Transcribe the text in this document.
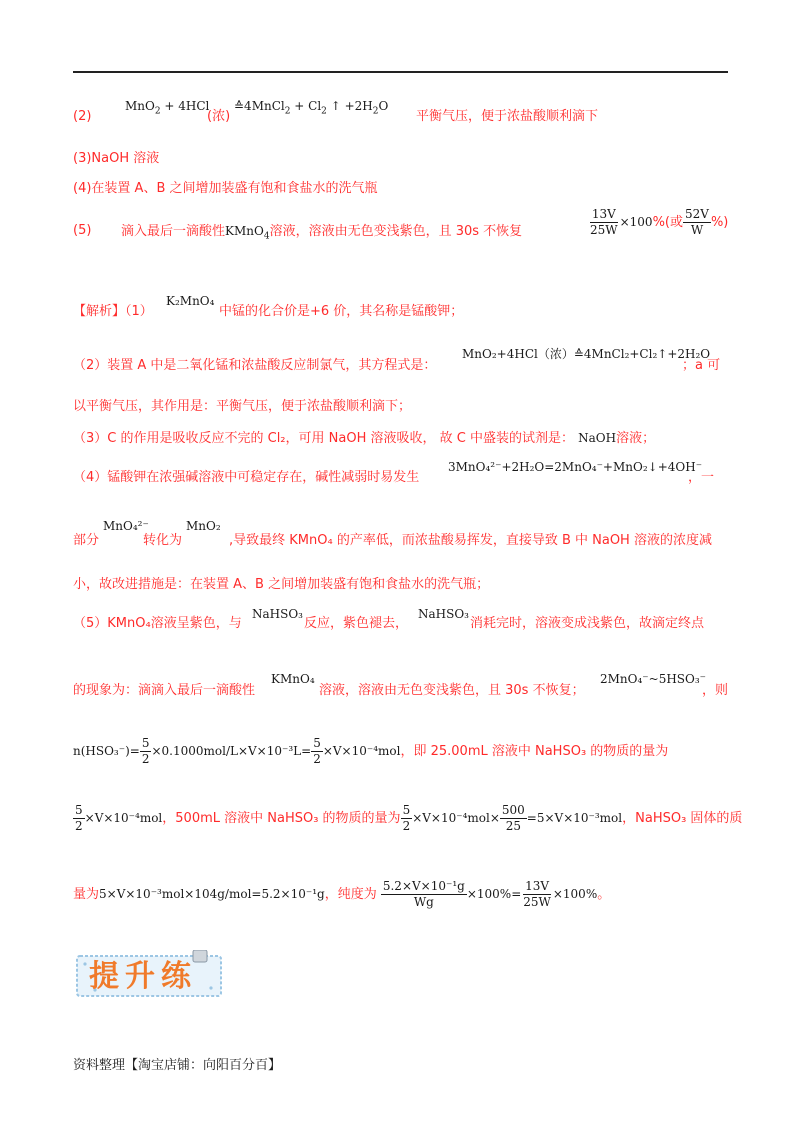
(2)
MnO$_2$ + 4HCl
(浓)
≙4MnCl$_2$ + $Cl_2$ ↑ $+2H_2O$
平衡气压，便于浓盐酸顺利滴下
(3)NaOH 溶液
(4)在装置 A、B 之间增加装盛有饱和食盐水的洗气瓶
(5) 滴入最后一滴酸性KMnO$_4$溶液，溶液由无色变浅紫色，且 30s 不恢复	$\frac{13V}{25W} \times 100\%$(或 $\frac{52V}{W}$ %)
【解析】（1）
K₂MnO₄
中锰的化合价是+6 价，其名称是锰酸钾；
（2）装置 A 中是二氧化锰和浓盐酸反应制氯气，其方程式是：
MnO₂+4HCl（浓）≙4MnCl₂+Cl₂↑+2H₂O
；a 可
以平衡气压，其作用是：平衡气压，便于浓盐酸顺利滴下；
（3）C 的作用是吸收反应不完的 Cl₂，可用 NaOH 溶液吸收， 故 C 中盛装的试剂是： NaOH溶液；
（4）锰酸钾在浓强碱溶液中可稳定存在，碱性减弱时易发生
3MnO₄²⁻+2H₂O=2MnO₄⁻+MnO₂↓+4OH⁻
，一
部分
MnO₄²⁻
转化为
MnO₂
,导致最终 KMnO₄ 的产率低，而浓盐酸易挥发，直接导致 B 中 NaOH 溶液的浓度减
小，故改进措施是：在装置 A、B 之间增加装盛有饱和食盐水的洗气瓶；
（5）KMnO₄溶液呈紫色，与
NaHSO₃
反应，紫色褪去，
NaHSO₃
消耗完时，溶液变成浅紫色，故滴定终点
的现象为：滴滴入最后一滴酸性
KMnO₄
溶液，溶液由无色变浅紫色，且 30s 不恢复；
2MnO₄⁻~5HSO₃⁻
，则
$n(HSO_3^-)= \frac{5}{2} \times 0.1000mol/L\times V\times 10^{-3}L= \frac{5}{2} \times V\times 10^{-4}mol$，即 25.00mL 溶液中 NaHSO₃ 的物质的量为
$\frac{5}{2} \times V\times 10^{-4}mol$，500mL 溶液中 NaHSO₃ 的物质的量为 $\frac{5}{2} \times V\times 10^{-4}mol\times \frac{500}{25} =5\times V\times 10^{-3}mol$，NaHSO₃ 固体的质
量为5×V×10⁻³mol×104g/mol=5.2×10⁻¹g，纯度为 $\frac{\text{5.2×V×10⁻¹g}}{Wg} \times 100\%= \frac{13V}{25W} \times 100\%$。
提升练
资料整理【淘宝店铺：向阳百分百】
